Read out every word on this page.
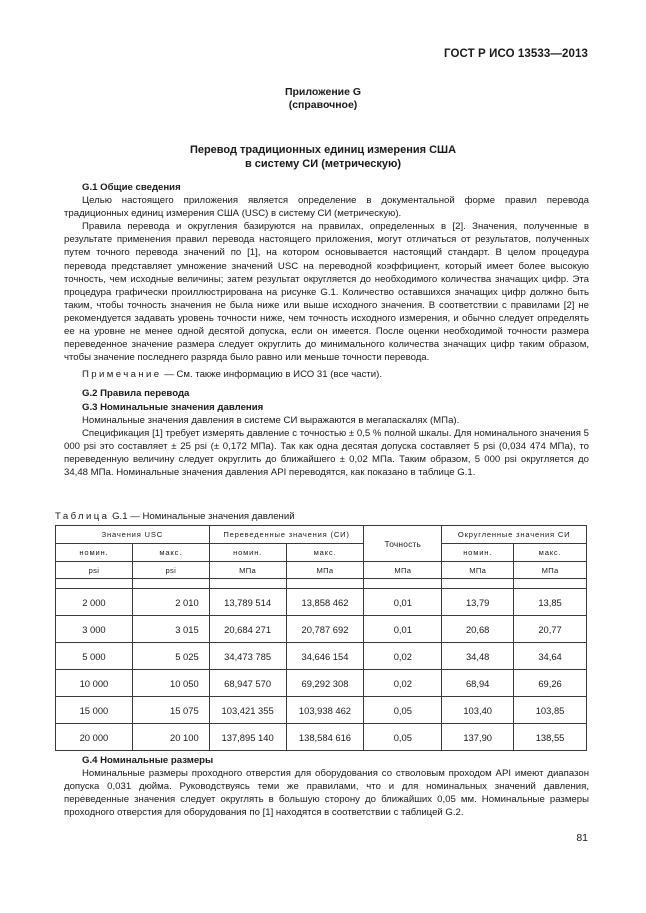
ГОСТ Р ИСО 13533—2013
Приложение G
(справочное)
Перевод традиционных единиц измерения США
в систему СИ (метрическую)
G.1 Общие сведения

Целью настоящего приложения является определение в документальной форме правил перевода традиционных единиц измерения США (USC) в систему СИ (метрическую).

Правила перевода и округления базируются на правилах, определенных в [2]. Значения, полученные в результате применения правил перевода настоящего приложения, могут отличаться от результатов, полученных путем точного перевода значений по [1], на котором основывается настоящий стандарт. В целом процедура перевода представляет умножение значений USC на переводной коэффициент, который имеет более высокую точность, чем исходные величины; затем результат округляется до необходимого количества значащих цифр. Эта процедура графически проиллюстрирована на рисунке G.1. Количество оставшихся значащих цифр должно быть таким, чтобы точность значения не была ниже или выше исходного значения. В соответствии с правилами [2] не рекомендуется задавать уровень точности ниже, чем точность исходного измерения, и обычно следует определять ее на уровне не менее одной десятой допуска, если он имеется. После оценки необходимой точности размера переведенное значение размера следует округлить до минимального количества значащих цифр таким образом, чтобы значение последнего разряда было равно или меньше точности перевода.

Примечание — См. также информацию в ИСО 31 (все части).

G.2 Правила перевода
G.3 Номинальные значения давления

Номинальные значения давления в системе СИ выражаются в мегапаскалях (МПа).

Спецификация [1] требует измерять давление с точностью ± 0,5 % полной шкалы. Для номинального значения 5 000 psi это составляет ± 25 psi (± 0,172 МПа). Так как одна десятая допуска составляет 5 psi (0,034 474 МПа), то переведенную величину следует округлить до ближайшего ± 0,02 МПа. Таким образом, 5 000 psi округляется до 34,48 МПа. Номинальные значения давления API переводятся, как показано в таблице G.1.

Таблица G.1 — Номинальные значения давлений
Значения USC		Переведенные значения (СИ)		Точность	Округленные значения СИ	
номин.	макс.	номин.	макс.		номин.	макс.
psi	psi	МПа	МПа	МПа	МПа	МПа

2 000	2 010	13,789 514	13,858 462	0,01	13,79	13,85
3 000	3 015	20,684 271	20,787 692	0,01	20,68	20,77
5 000	5 025	34,473 785	34,646 154	0,02	34,48	34,64
10 000	10 050	68,947 570	69,292 308	0,02	68,94	69,26
15 000	15 075	103,421 355	103,938 462	0,05	103,40	103,85
20 000	20 100	137,895 140	138,584 616	0,05	137,90	138,55
G.4 Номинальные размеры

Номинальные размеры проходного отверстия для оборудования со стволовым проходом API имеют диапазон допуска 0,031 дюйма. Руководствуясь теми же правилами, что и для номинальных значений давления, переведенные значения следует округлять в большую сторону до ближайших 0,05 мм. Номинальные размеры проходного отверстия для оборудования по [1] находятся в соответствии с таблицей G.2.

81
